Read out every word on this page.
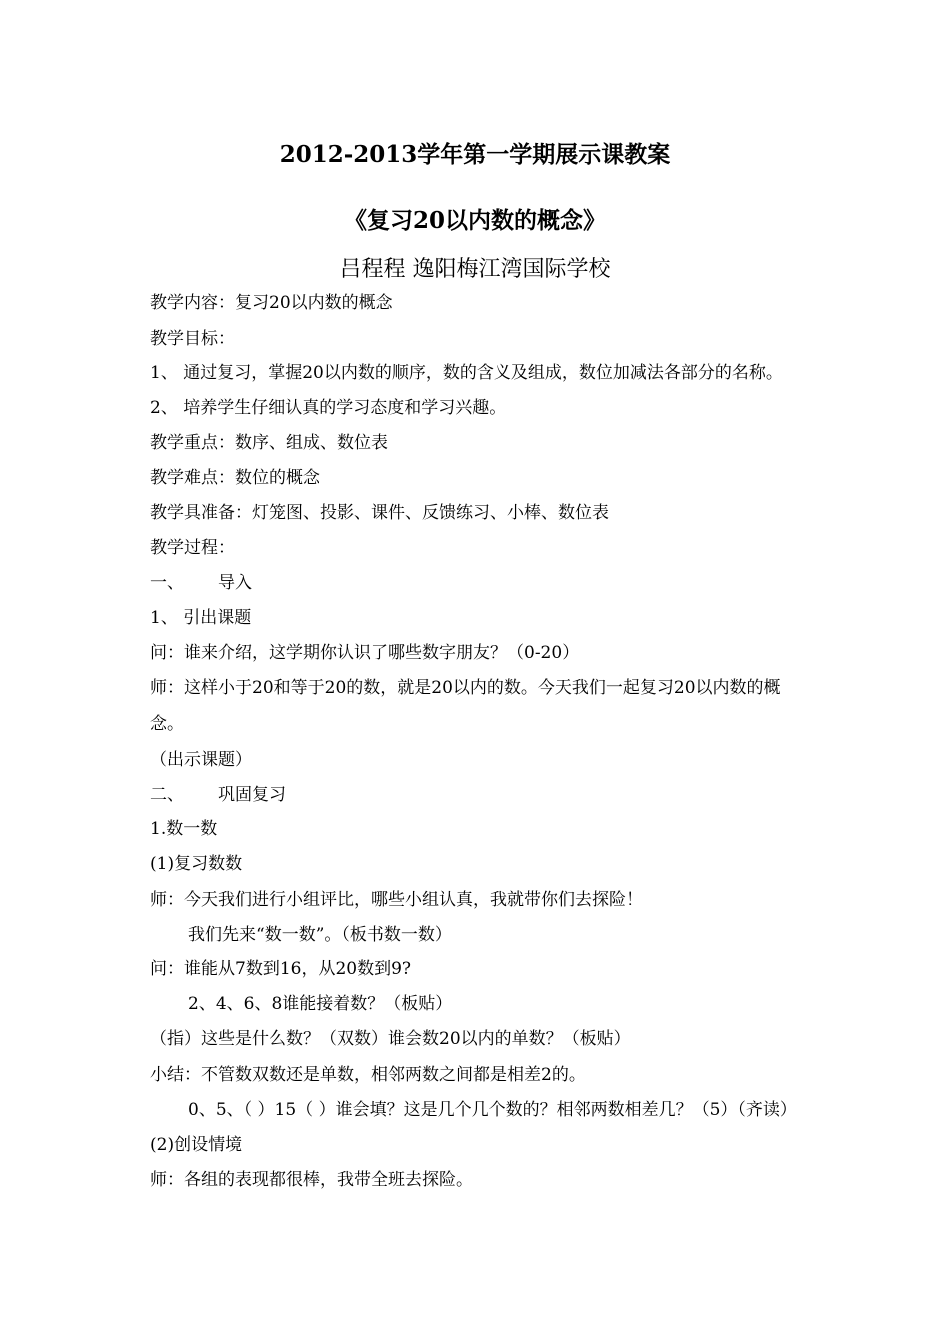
2012-2013学年第一学期展示课教案
《复习20以内数的概念》
吕程程 逸阳梅江湾国际学校
教学内容：复习20以内数的概念
教学目标：
1、 通过复习，掌握20以内数的顺序，数的含义及组成，数位加减法各部分的名称。
2、 培养学生仔细认真的学习态度和学习兴趣。
教学重点：数序、组成、数位表
教学难点：数位的概念
教学具准备：灯笼图、投影、课件、反馈练习、小棒、数位表
教学过程：
一、 导入
1、 引出课题
问：谁来介绍，这学期你认识了哪些数字朋友？（0-20）
师：这样小于20和等于20的数，就是20以内的数。今天我们一起复习20以内数的概
念。
（出示课题）
二、 巩固复习
1.数一数
(1)复习数数
师：今天我们进行小组评比，哪些小组认真，我就带你们去探险！
我们先来“数一数”。（板书数一数）
问：谁能从7数到16，从20数到9?
2、4、6、8谁能接着数？（板贴）
（指）这些是什么数？（双数）谁会数20以内的单数？（板贴）
小结：不管数双数还是单数，相邻两数之间都是相差2的。
0、5、（ ）15（ ）谁会填？这是几个几个数的？相邻两数相差几？（5）（齐读）
(2)创设情境
师：各组的表现都很棒，我带全班去探险。
